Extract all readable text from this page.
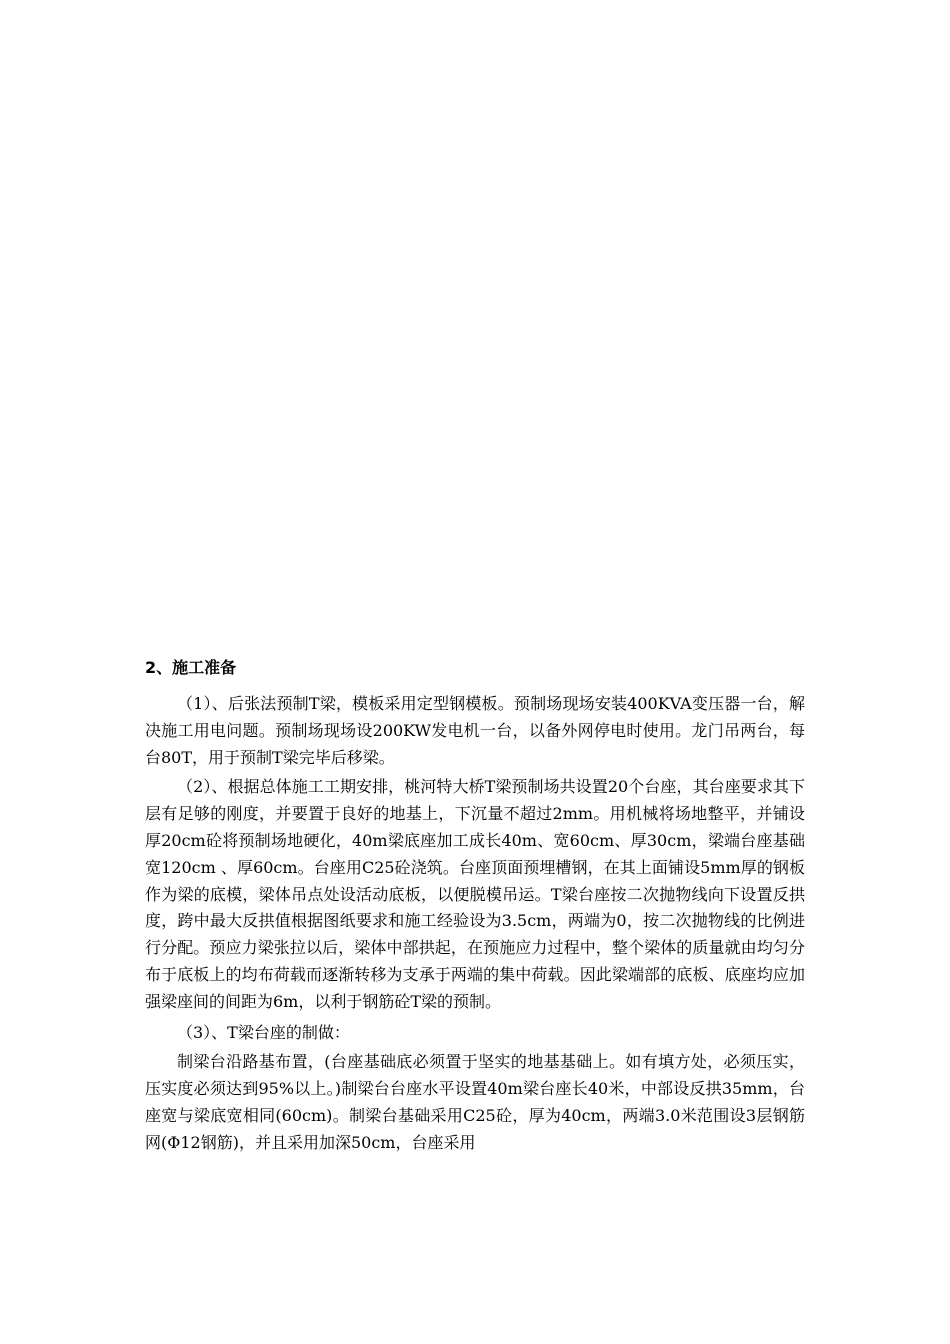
2、施工准备

（1）、后张法预制T梁，模板采用定型钢模板。预制场现场安装400KVA变压器一台，解决施工用电问题。预制场现场设200KW发电机一台，以备外网停电时使用。龙门吊两台，每台80T，用于预制T梁完毕后移梁。

（2）、根据总体施工工期安排，桃河特大桥T梁预制场共设置20个台座，其台座要求其下层有足够的刚度，并要置于良好的地基上，下沉量不超过2mm。用机械将场地整平，并铺设厚20cm砼将预制场地硬化，40m梁底座加工成长40m、宽60cm、厚30cm，梁端台座基础宽120cm 、厚60cm。台座用C25砼浇筑。台座顶面预埋槽钢，在其上面铺设5mm厚的钢板作为梁的底模，梁体吊点处设活动底板，以便脱模吊运。T梁台座按二次抛物线向下设置反拱度，跨中最大反拱值根据图纸要求和施工经验设为3.5cm，两端为0，按二次抛物线的比例进行分配。预应力梁张拉以后，梁体中部拱起，在预施应力过程中，整个梁体的质量就由均匀分布于底板上的均布荷载而逐渐转移为支承于两端的集中荷载。因此梁端部的底板、底座均应加强梁座间的间距为6m，以利于钢筋砼T梁的预制。

（3）、T梁台座的制做：

制梁台沿路基布置，(台座基础底必须置于坚实的地基基础上。如有填方处，必须压实，压实度必须达到95%以上。)制梁台台座水平设置40m梁台座长40米，中部设反拱35mm，台座宽与梁底宽相同(60cm)。制梁台基础采用C25砼，厚为40cm，两端3.0米范围设3层钢筋网(Φ12钢筋)，并且采用加深50cm，台座采用
